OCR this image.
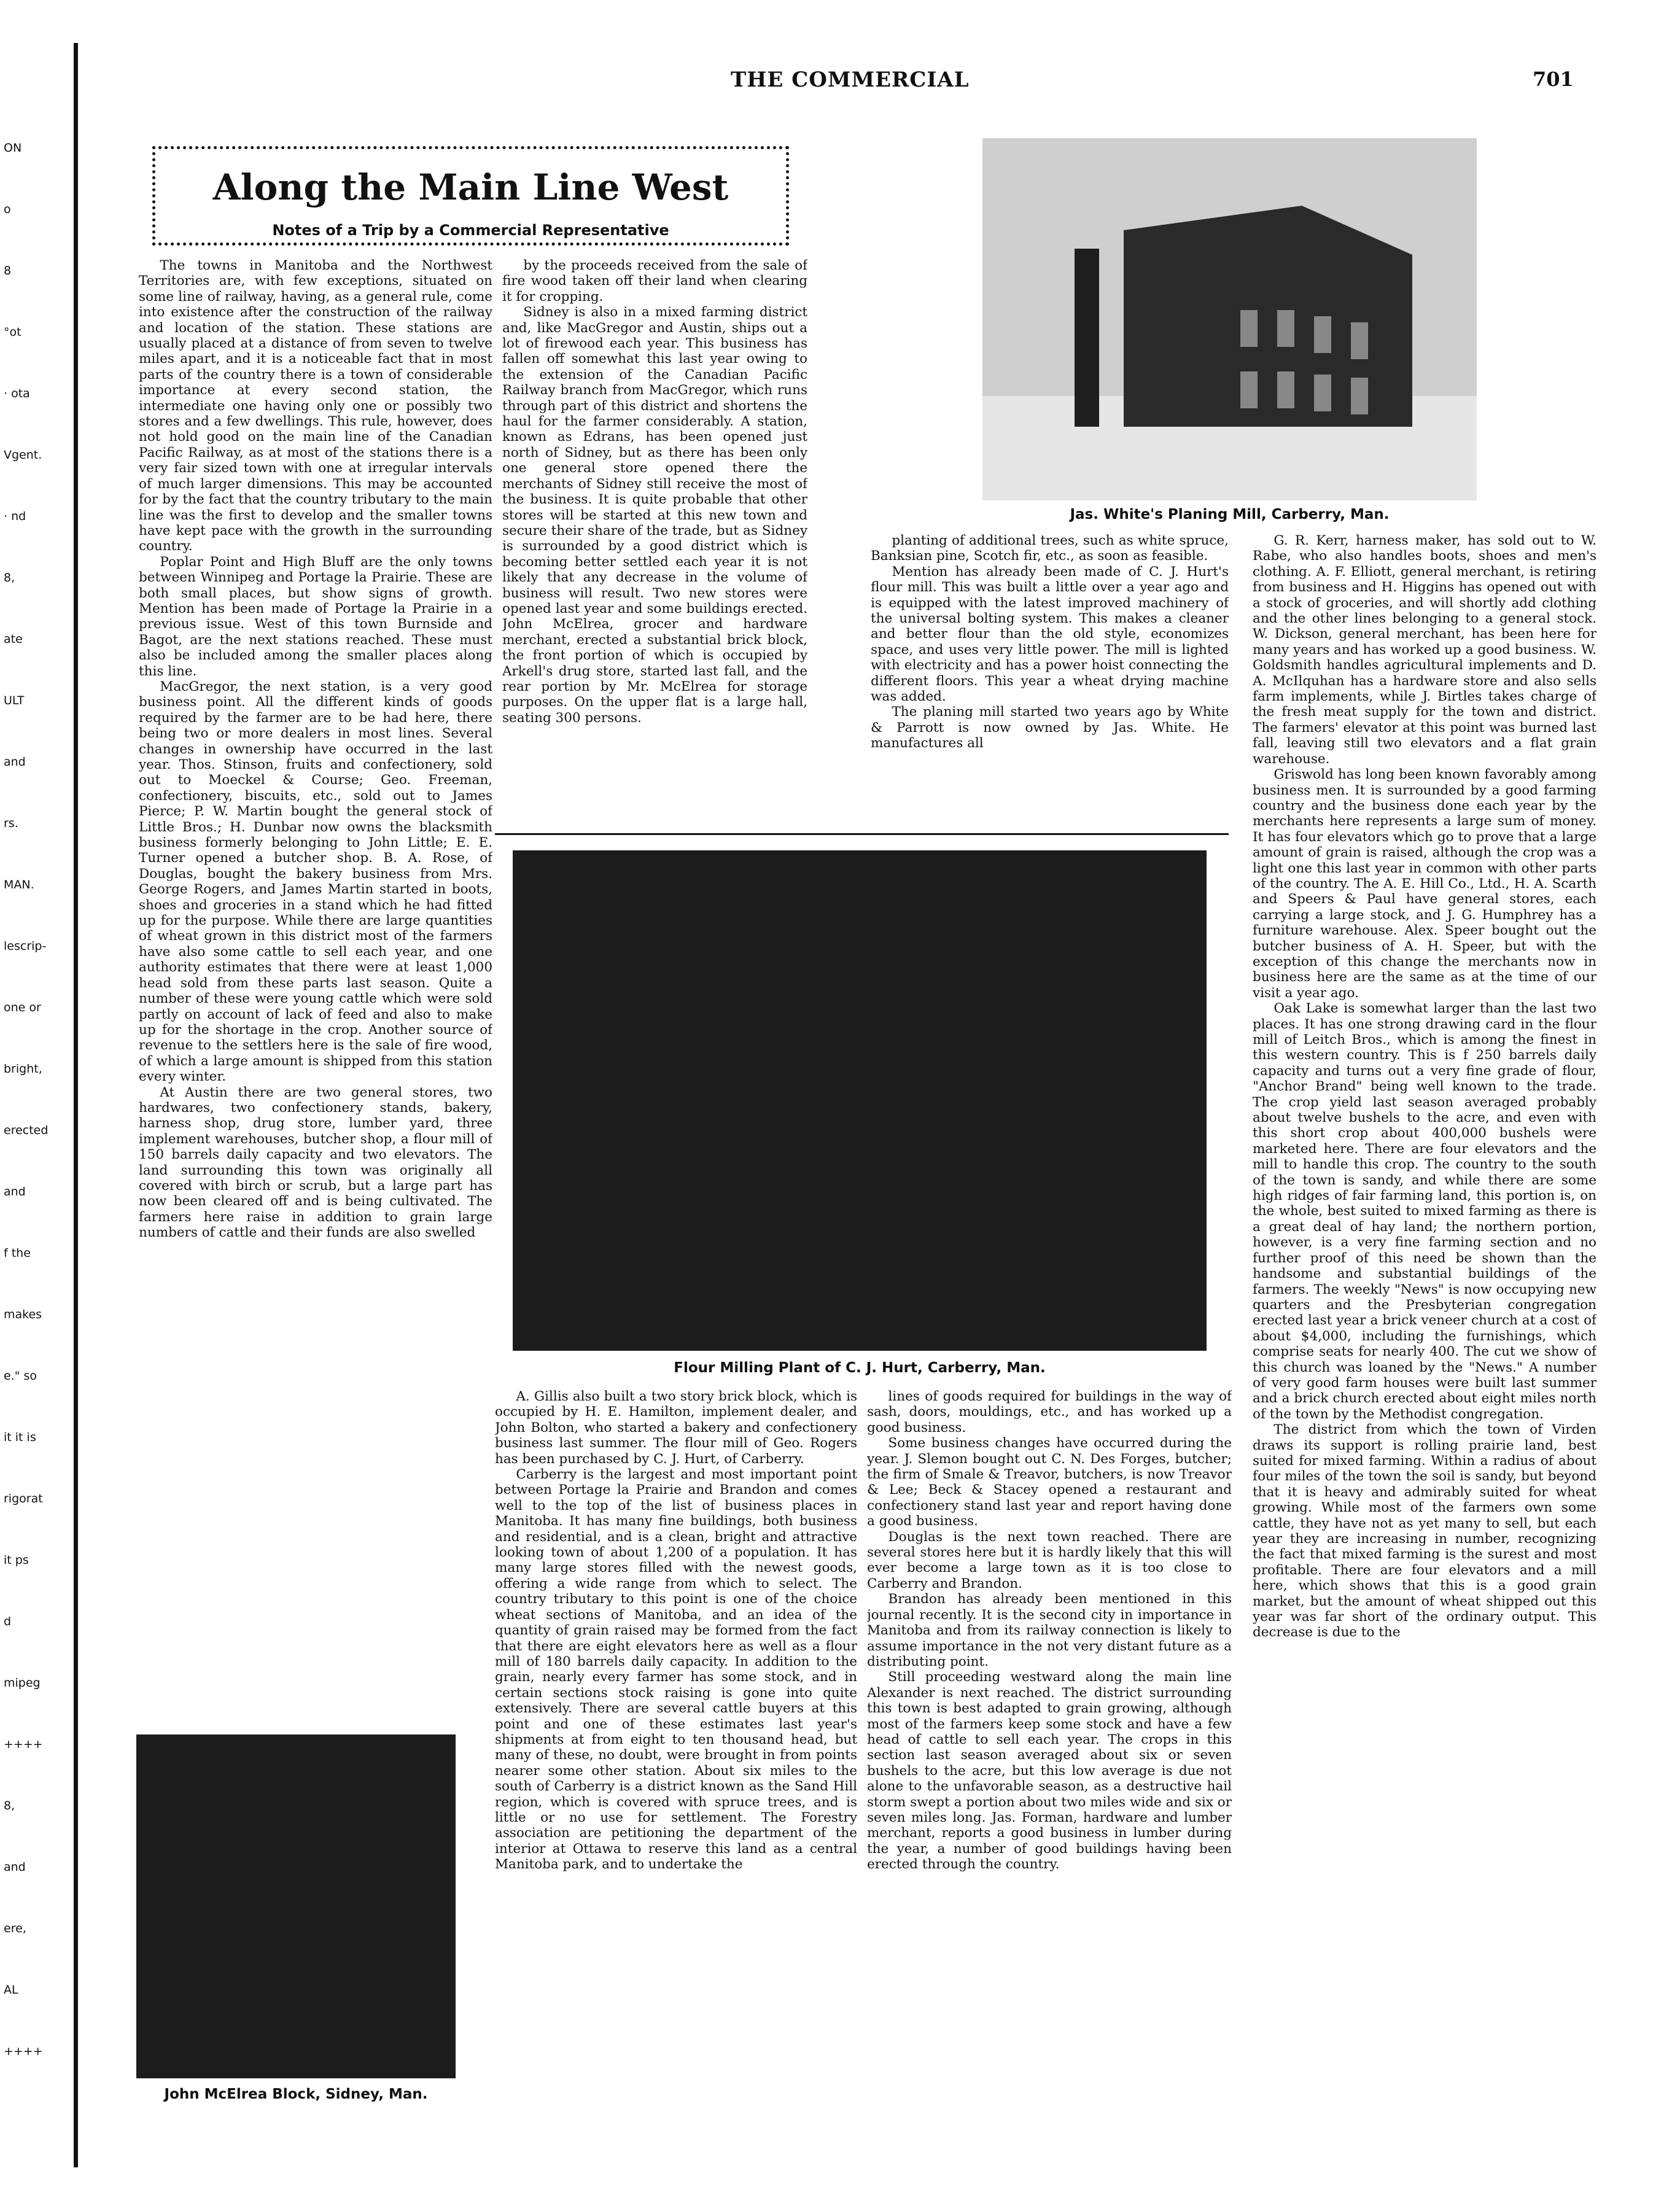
THE COMMERCIAL	701
ON
o
8
°ot
· ota
Vgent.
· nd
8,
ate
ULT
and
rs.
MAN.
lescrip-
one or
bright,
erected
and
f the
makes
e." so
it it is
rigorat
it ps
d
mipeg
++++
8,
and
ere,
AL
++++
Along the Main Line West
Notes of a Trip by a Commercial Representative

The towns in Manitoba and the Northwest Territories are, with few exceptions, situated on some line of railway, having, as a general rule, come into existence after the construction of the railway and location of the station. These stations are usually placed at a distance of from seven to twelve miles apart, and it is a noticeable fact that in most parts of the country there is a town of considerable importance at every second station, the intermediate one having only one or possibly two stores and a few dwellings. This rule, however, does not hold good on the main line of the Canadian Pacific Railway, as at most of the stations there is a very fair sized town with one at irregular intervals of much larger dimensions. This may be accounted for by the fact that the country tributary to the main line was the first to develop and the smaller towns have kept pace with the growth in the surrounding country.

Poplar Point and High Bluff are the only towns between Winnipeg and Portage la Prairie. These are both small places, but show signs of growth. Mention has been made of Portage la Prairie in a previous issue. West of this town Burnside and Bagot, are the next stations reached. These must also be included among the smaller places along this line.

MacGregor, the next station, is a very good business point. All the different kinds of goods required by the farmer are to be had here, there being two or more dealers in most lines. Several changes in ownership have occurred in the last year. Thos. Stinson, fruits and confectionery, sold out to Moeckel & Course; Geo. Freeman, confectionery, biscuits, etc., sold out to James Pierce; P. W. Martin bought the general stock of Little Bros.; H. Dunbar now owns the blacksmith business formerly belonging to John Little; E. E. Turner opened a butcher shop. B. A. Rose, of Douglas, bought the bakery business from Mrs. George Rogers, and James Martin started in boots, shoes and groceries in a stand which he had fitted up for the purpose. While there are large quantities of wheat grown in this district most of the farmers have also some cattle to sell each year, and one authority estimates that there were at least 1,000 head sold from these parts last season. Quite a number of these were young cattle which were sold partly on account of lack of feed and also to make up for the shortage in the crop. Another source of revenue to the settlers here is the sale of fire wood, of which a large amount is shipped from this station every winter.

At Austin there are two general stores, two hardwares, two confectionery stands, bakery, harness shop, drug store, lumber yard, three implement warehouses, butcher shop, a flour mill of 150 barrels daily capacity and two elevators. The land surrounding this town was originally all covered with birch or scrub, but a large part has now been cleared off and is being cultivated. The farmers here raise in addition to grain large numbers of cattle and their funds are also swelled

by the proceeds received from the sale of fire wood taken off their land when clearing it for cropping.

Sidney is also in a mixed farming district and, like MacGregor and Austin, ships out a lot of firewood each year. This business has fallen off somewhat this last year owing to the extension of the Canadian Pacific Railway branch from MacGregor, which runs through part of this district and shortens the haul for the farmer considerably. A station, known as Edrans, has been opened just north of Sidney, but as there has been only one general store opened there the merchants of Sidney still receive the most of the business. It is quite probable that other stores will be started at this new town and secure their share of the trade, but as Sidney is surrounded by a good district which is becoming better settled each year it is not likely that any decrease in the volume of business will result. Two new stores were opened last year and some buildings erected. John McElrea, grocer and hardware merchant, erected a substantial brick block, the front portion of which is occupied by Arkell's drug store, started last fall, and the rear portion by Mr. McElrea for storage purposes. On the upper flat is a large hall, seating 300 persons.

Jas. White's Planing Mill, Carberry, Man.

planting of additional trees, such as white spruce, Banksian pine, Scotch fir, etc., as soon as feasible.

Mention has already been made of C. J. Hurt's flour mill. This was built a little over a year ago and is equipped with the latest improved machinery of the universal bolting system. This makes a cleaner and better flour than the old style, economizes space, and uses very little power. The mill is lighted with electricity and has a power hoist connecting the different floors. This year a wheat drying machine was added.

The planing mill started two years ago by White & Parrott is now owned by Jas. White. He manufactures all

Flour Milling Plant of C. J. Hurt, Carberry, Man.

A. Gillis also built a two story brick block, which is occupied by H. E. Hamilton, implement dealer, and John Bolton, who started a bakery and confectionery business last summer. The flour mill of Geo. Rogers has been purchased by C. J. Hurt, of Carberry.

Carberry is the largest and most important point between Portage la Prairie and Brandon and comes well to the top of the list of business places in Manitoba. It has many fine buildings, both business and residential, and is a clean, bright and attractive looking town of about 1,200 of a population. It has many large stores filled with the newest goods, offering a wide range from which to select. The country tributary to this point is one of the choice wheat sections of Manitoba, and an idea of the quantity of grain raised may be formed from the fact that there are eight elevators here as well as a flour mill of 180 barrels daily capacity. In addition to the grain, nearly every farmer has some stock, and in certain sections stock raising is gone into quite extensively. There are several cattle buyers at this point and one of these estimates last year's shipments at from eight to ten thousand head, but many of these, no doubt, were brought in from points nearer some other station. About six miles to the south of Carberry is a district known as the Sand Hill region, which is covered with spruce trees, and is little or no use for settlement. The Forestry association are petitioning the department of the interior at Ottawa to reserve this land as a central Manitoba park, and to undertake the

lines of goods required for buildings in the way of sash, doors, mouldings, etc., and has worked up a good business.

Some business changes have occurred during the year. J. Slemon bought out C. N. Des Forges, butcher; the firm of Smale & Treavor, butchers, is now Treavor & Lee; Beck & Stacey opened a restaurant and confectionery stand last year and report having done a good business.

Douglas is the next town reached. There are several stores here but it is hardly likely that this will ever become a large town as it is too close to Carberry and Brandon.

Brandon has already been mentioned in this journal recently. It is the second city in importance in Manitoba and from its railway connection is likely to assume importance in the not very distant future as a distributing point.

Still proceeding westward along the main line Alexander is next reached. The district surrounding this town is best adapted to grain growing, although most of the farmers keep some stock and have a few head of cattle to sell each year. The crops in this section last season averaged about six or seven bushels to the acre, but this low average is due not alone to the unfavorable season, as a destructive hail storm swept a portion about two miles wide and six or seven miles long. Jas. Forman, hardware and lumber merchant, reports a good business in lumber during the year, a number of good buildings having been erected through the country.

G. R. Kerr, harness maker, has sold out to W. Rabe, who also handles boots, shoes and men's clothing. A. F. Elliott, general merchant, is retiring from business and H. Higgins has opened out with a stock of groceries, and will shortly add clothing and the other lines belonging to a general stock. W. Dickson, general merchant, has been here for many years and has worked up a good business. W. Goldsmith handles agricultural implements and D. A. McIlquhan has a hardware store and also sells farm implements, while J. Birtles takes charge of the fresh meat supply for the town and district. The farmers' elevator at this point was burned last fall, leaving still two elevators and a flat grain warehouse.

Griswold has long been known favorably among business men. It is surrounded by a good farming country and the business done each year by the merchants here represents a large sum of money. It has four elevators which go to prove that a large amount of grain is raised, although the crop was a light one this last year in common with other parts of the country. The A. E. Hill Co., Ltd., H. A. Scarth and Speers & Paul have general stores, each carrying a large stock, and J. G. Humphrey has a furniture warehouse. Alex. Speer bought out the butcher business of A. H. Speer, but with the exception of this change the merchants now in business here are the same as at the time of our visit a year ago.

Oak Lake is somewhat larger than the last two places. It has one strong drawing card in the flour mill of Leitch Bros., which is among the finest in this western country. This is f 250 barrels daily capacity and turns out a very fine grade of flour, "Anchor Brand" being well known to the trade. The crop yield last season averaged probably about twelve bushels to the acre, and even with this short crop about 400,000 bushels were marketed here. There are four elevators and the mill to handle this crop. The country to the south of the town is sandy, and while there are some high ridges of fair farming land, this portion is, on the whole, best suited to mixed farming as there is a great deal of hay land; the northern portion, however, is a very fine farming section and no further proof of this need be shown than the handsome and substantial buildings of the farmers. The weekly "News" is now occupying new quarters and the Presbyterian congregation erected last year a brick veneer church at a cost of about $4,000, including the furnishings, which comprise seats for nearly 400. The cut we show of this church was loaned by the "News." A number of very good farm houses were built last summer and a brick church erected about eight miles north of the town by the Methodist congregation.

The district from which the town of Virden draws its support is rolling prairie land, best suited for mixed farming. Within a radius of about four miles of the town the soil is sandy, but beyond that it is heavy and admirably suited for wheat growing. While most of the farmers own some cattle, they have not as yet many to sell, but each year they are increasing in number, recognizing the fact that mixed farming is the surest and most profitable. There are four elevators and a mill here, which shows that this is a good grain market, but the amount of wheat shipped out this year was far short of the ordinary output. This decrease is due to the

John McElrea Block, Sidney, Man.
